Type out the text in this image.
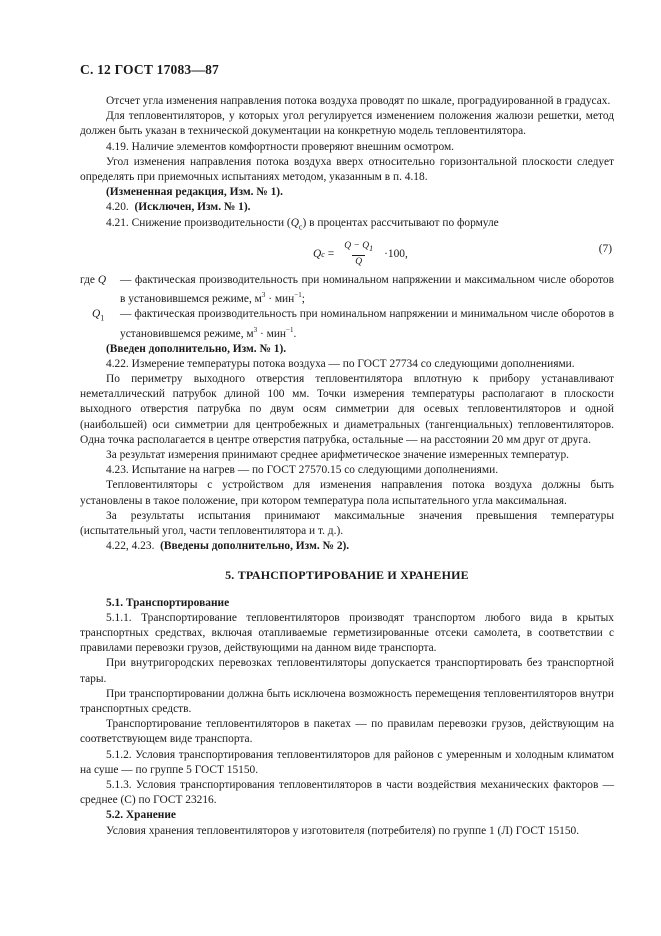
С. 12 ГОСТ 17083—87

Отсчет угла изменения направления потока воздуха проводят по шкале, проградуированной в градусах.

Для тепловентиляторов, у которых угол регулируется изменением положения жалюзи решетки, метод должен быть указан в технической документации на конкретную модель тепловентилятора.

4.19. Наличие элементов комфортности проверяют внешним осмотром.

Угол изменения направления потока воздуха вверх относительно горизонтальной плоскости следует определять при приемочных испытаниях методом, указанным в п. 4.18.

(Измененная редакция, Изм. № 1).

4.20. (Исключен, Изм. № 1).

4.21. Снижение производительности $(Q_с)$ в процентах рассчитывают по формуле

Q $c = \frac{Q - Q_1}{Q} \cdot 100$,	(7)

где Q — фактическая производительность при номинальном напряжении и максимальном числе оборотов в установившемся режиме, $м^3 \cdot мин^{-1}$;

$Q_1$ — фактическая производительность при номинальном напряжении и минимальном числе оборотов в установившемся режиме, $м^3 \cdot мин^{-1}$.

(Введен дополнительно, Изм. № 1).

4.22. Измерение температуры потока воздуха — по ГОСТ 27734 со следующими дополнениями.

По периметру выходного отверстия тепловентилятора вплотную к прибору устанавливают неметаллический патрубок длиной 100 мм. Точки измерения температуры располагают в плоскости выходного отверстия патрубка по двум осям симметрии для осевых тепловентиляторов и одной (наибольшей) оси симметрии для центробежных и диаметральных (тангенциальных) тепловентиляторов. Одна точка располагается в центре отверстия патрубка, остальные — на расстоянии 20 мм друг от друга.

За результат измерения принимают среднее арифметическое значение измеренных температур.

4.23. Испытание на нагрев — по ГОСТ 27570.15 со следующими дополнениями.

Тепловентиляторы с устройством для изменения направления потока воздуха должны быть установлены в такое положение, при котором температура пола испытательного угла максимальная.

За результаты испытания принимают максимальные значения превышения температуры (испытательный угол, части тепловентилятора и т. д.).

4.22, 4.23. (Введены дополнительно, Изм. № 2).

5. ТРАНСПОРТИРОВАНИЕ И ХРАНЕНИЕ

5.1. Транспортирование

5.1.1. Транспортирование тепловентиляторов производят транспортом любого вида в крытых транспортных средствах, включая отапливаемые герметизированные отсеки самолета, в соответствии с правилами перевозки грузов, действующими на данном виде транспорта.

При внутригородских перевозках тепловентиляторы допускается транспортировать без транспортной тары.

При транспортировании должна быть исключена возможность перемещения тепловентиляторов внутри транспортных средств.

Транспортирование тепловентиляторов в пакетах — по правилам перевозки грузов, действующим на соответствующем виде транспорта.

5.1.2. Условия транспортирования тепловентиляторов для районов с умеренным и холодным климатом на суше — по группе 5 ГОСТ 15150.

5.1.3. Условия транспортирования тепловентиляторов в части воздействия механических факторов — среднее (С) по ГОСТ 23216.

5.2. Хранение

Условия хранения тепловентиляторов у изготовителя (потребителя) по группе 1 (Л) ГОСТ 15150.
